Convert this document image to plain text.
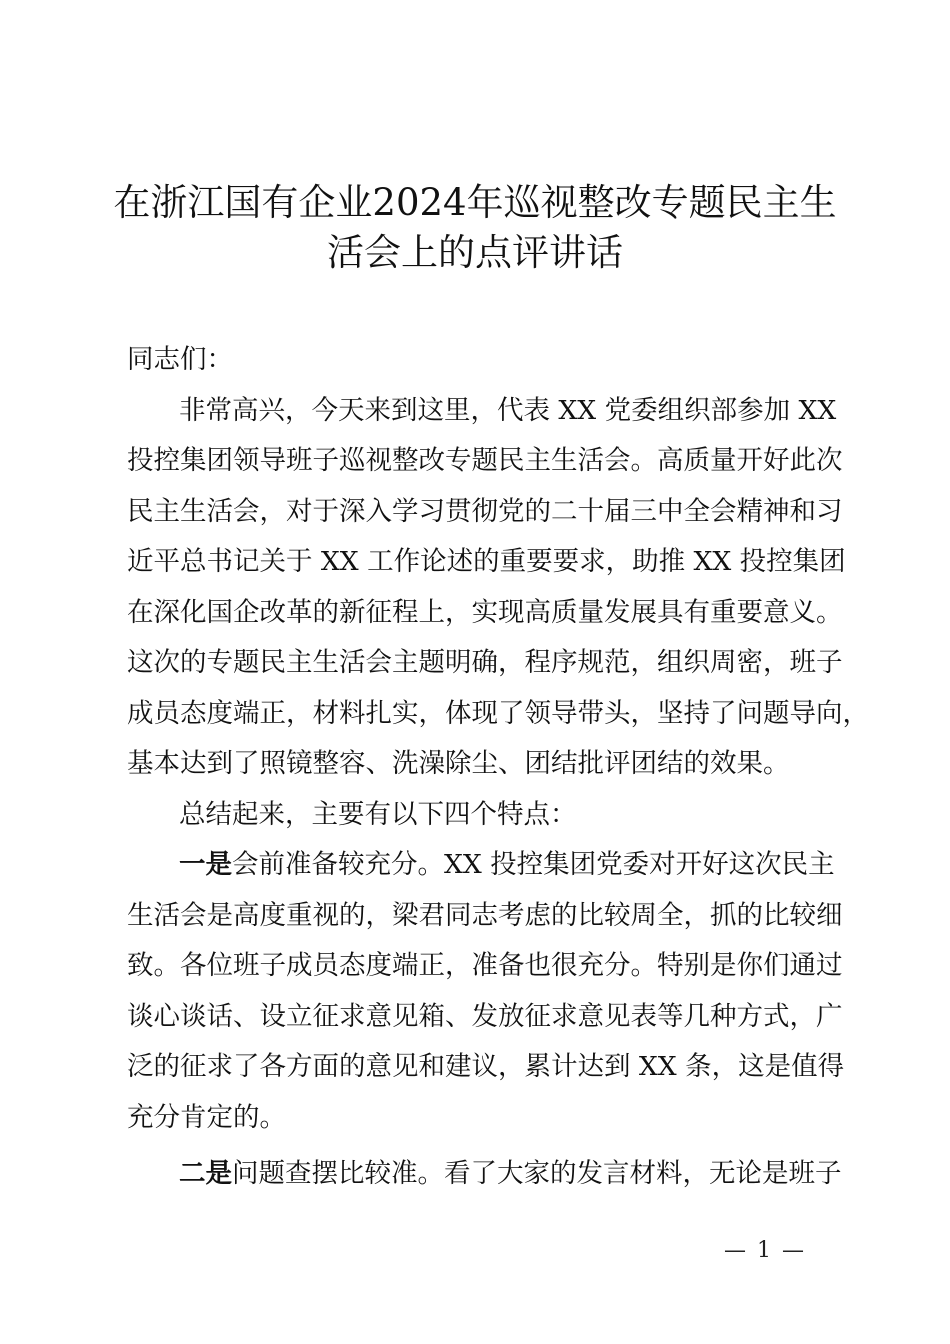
在浙江国有企业2024年巡视整改专题民主生
活会上的点评讲话
同志们：
非常高兴，今天来到这里，代表 XX 党委组织部参加 XX
投控集团领导班子巡视整改专题民主生活会。高质量开好此次
民主生活会，对于深入学习贯彻党的二十届三中全会精神和习
近平总书记关于 XX 工作论述的重要要求，助推 XX 投控集团
在深化国企改革的新征程上，实现高质量发展具有重要意义。
这次的专题民主生活会主题明确，程序规范，组织周密，班子
成员态度端正，材料扎实，体现了领导带头，坚持了问题导向，
基本达到了照镜整容、洗澡除尘、团结批评团结的效果。
总结起来，主要有以下四个特点：
一是会前准备较充分。XX 投控集团党委对开好这次民主
生活会是高度重视的，梁君同志考虑的比较周全，抓的比较细
致。各位班子成员态度端正，准备也很充分。特别是你们通过
谈心谈话、设立征求意见箱、发放征求意见表等几种方式，广
泛的征求了各方面的意见和建议，累计达到 XX 条，这是值得
充分肯定的。
二是问题查摆比较准。看了大家的发言材料，无论是班子
— 1 —
